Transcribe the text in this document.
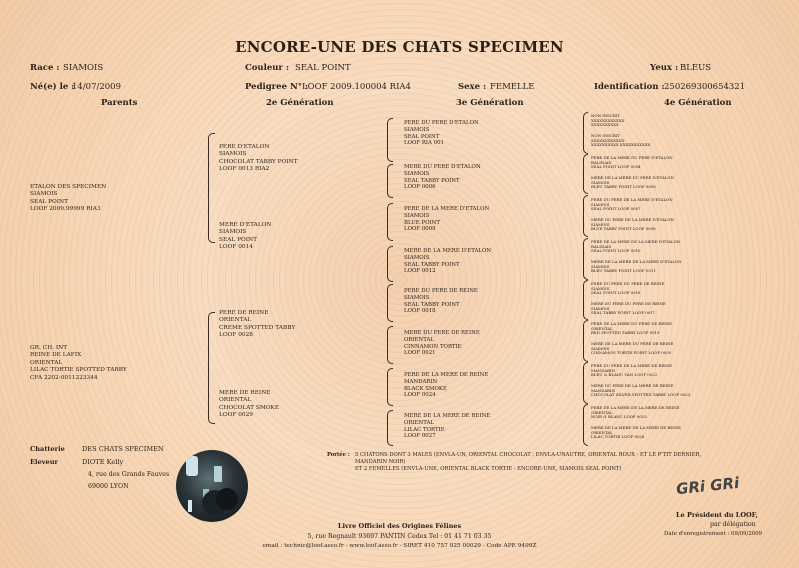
ENCORE-UNE DES CHATS SPECIMEN
Race : SIAMOIS	Couleur : SEAL POINT	Yeux : BLEUS
Né(e) le :
14/07/2009	Pedigree N° :
LOOF 2009.100004 RIA4	Sexe : FEMELLE	Identification : 250269300654321
Parents	2e Génération	3e Génération	4e Génération
ETALON DES SPECIMEN
SIAMOIS
SEAL POINT
LOOF 2009.99999 RIA3
GR. CH. INT
REINE DE LAFIX
ORIENTAL
LILAC TORTIE SPOTTED TABBY
CFA 2202-0011223344
PERE D'ETALON
SIAMOIS
CHOCOLAT TABBY POINT
LOOF 0013 RIA2
MERE D'ETALON
SIAMOIS
SEAL POINT
LOOF 0014
PERE DE REINE
ORIENTAL
CREME SPOTTED TABBY
LOOF 0028
MERE DE REINE
ORIENTAL
CHOCOLAT SMOKE
LOOF 0029
PERE DU PERE D'ETALON
SIAMOIS
SEAL POINT
LOOF RIA 001
MERE DU PERE D'ETALON
SIAMOIS
SEAL TABBY POINT
LOOF 0006
PERE DE LA MERE D'ETALON
SIAMOIS
BLUE POINT
LOOF 0009
MERE DE LA MERE D'ETALON
SIAMOIS
SEAL TABBY POINT
LOOF 0012
PERE DU PERE DE REINE
SIAMOIS
SEAL TABBY POINT
LOOF 0018
MERE DU PERE DE REINE
ORIENTAL
CINNAMON TORTIE
LOOF 0021
PERE DE LA MERE DE REINE
MANDARIN
BLACK SMOKE
LOOF 0024
MERE DE LA MERE DE REINE
ORIENTAL
LILAC TORTIE
LOOF 0027
NON INSCRIT
XXXXXXXXXXXX
XXXXXXXXXX
NON INSCRIT
XXXXXXXXXXXX
XXXXXXXXXX XXXXXXXXXXX
PERE DE LA MERE DU PERE D'ETALON
BALINAIS
SEAL POINT LOOF 0004
MERE DE LA MERE DU PERE D'ETALON
SIAMOIS
BLEU TABBY POINT LOOF 0005
PERE DU PERE DE LA MERE D'ETALON
SIAMOIS
SEAL POINT LOOF 0007
MERE DU PERE DE LA MERE D'ETALON
SIAMOIS
BLUE TABBY POINT LOOF 0008
PERE DE LA MERE DE LA MERE D'ETALON
BALINAIS
SEAL POINT LOOF 0010
MERE DE LA MERE DE LA MERE D'ETALON
SIAMOIS
BLEU TABBY POINT LOOF 0011
PERE DU PERE DU PERE DE REINE
SIAMOIS
SEAL POINT LOOF 0016
MERE DU PERE DU PERE DE REINE
SIAMOIS
SEAL TABBY POINT LOOF 0017
PERE DE LA MERE DU PERE DE REINE
ORIENTAL
RED SPOTTED TABBY LOOF 0019
MERE DE LA MERE DU PERE DE REINE
SIAMOIS
CINNAMON TORTIE POINT LOOF 0020
PERE DU PERE DE LA MERE DE REINE
MANDARIN
BLEU & BLANC VAN LOOF 0022
MERE DU PERE DE LA MERE DE REINE
MANDARIN
CHOCOLAT SILVER SPOTTED TABBY LOOF 0023
PERE DE LA MERE DE LA MERE DE REINE
ORIENTAL
NOIR & BLANC LOOF 0025
MERE DE LA MERE DE LA MERE DE REINE
ORIENTAL
LILAC TORTIE LOOF 0026
Chatterie	DES CHATS SPECIMEN
Eleveur	DIOTE Kelly
4, rue des Grands Fauves
69000 LYON
Portée : 5 CHATONS DONT 3 MALES (ENVLA-UN, ORIENTAL CHOCOLAT ; ENVLA-UNAUTRE, ORIENTAL ROUX - ET LE P'TIT DERNIER,
MANDARIN NOIR)
ET 2 FEMELLES (ENVLA-UNE, ORIENTAL BLACK TORTIE - ENCORE-UNE, SIAMOIS SEAL POINT)
Livre Officiel des Origines Félines
5, rue Regnault 93697 PANTIN Cedex Tel : 01 41 71 03 35
email : technic@loof.asso.fr - www.loof.asso.fr - SIRET 410 757 025 00029 - Code APE 9499Z
GRi GRi
Le Président du LOOF,
par délégation
Date d'enregistrement : 09/09/2009
